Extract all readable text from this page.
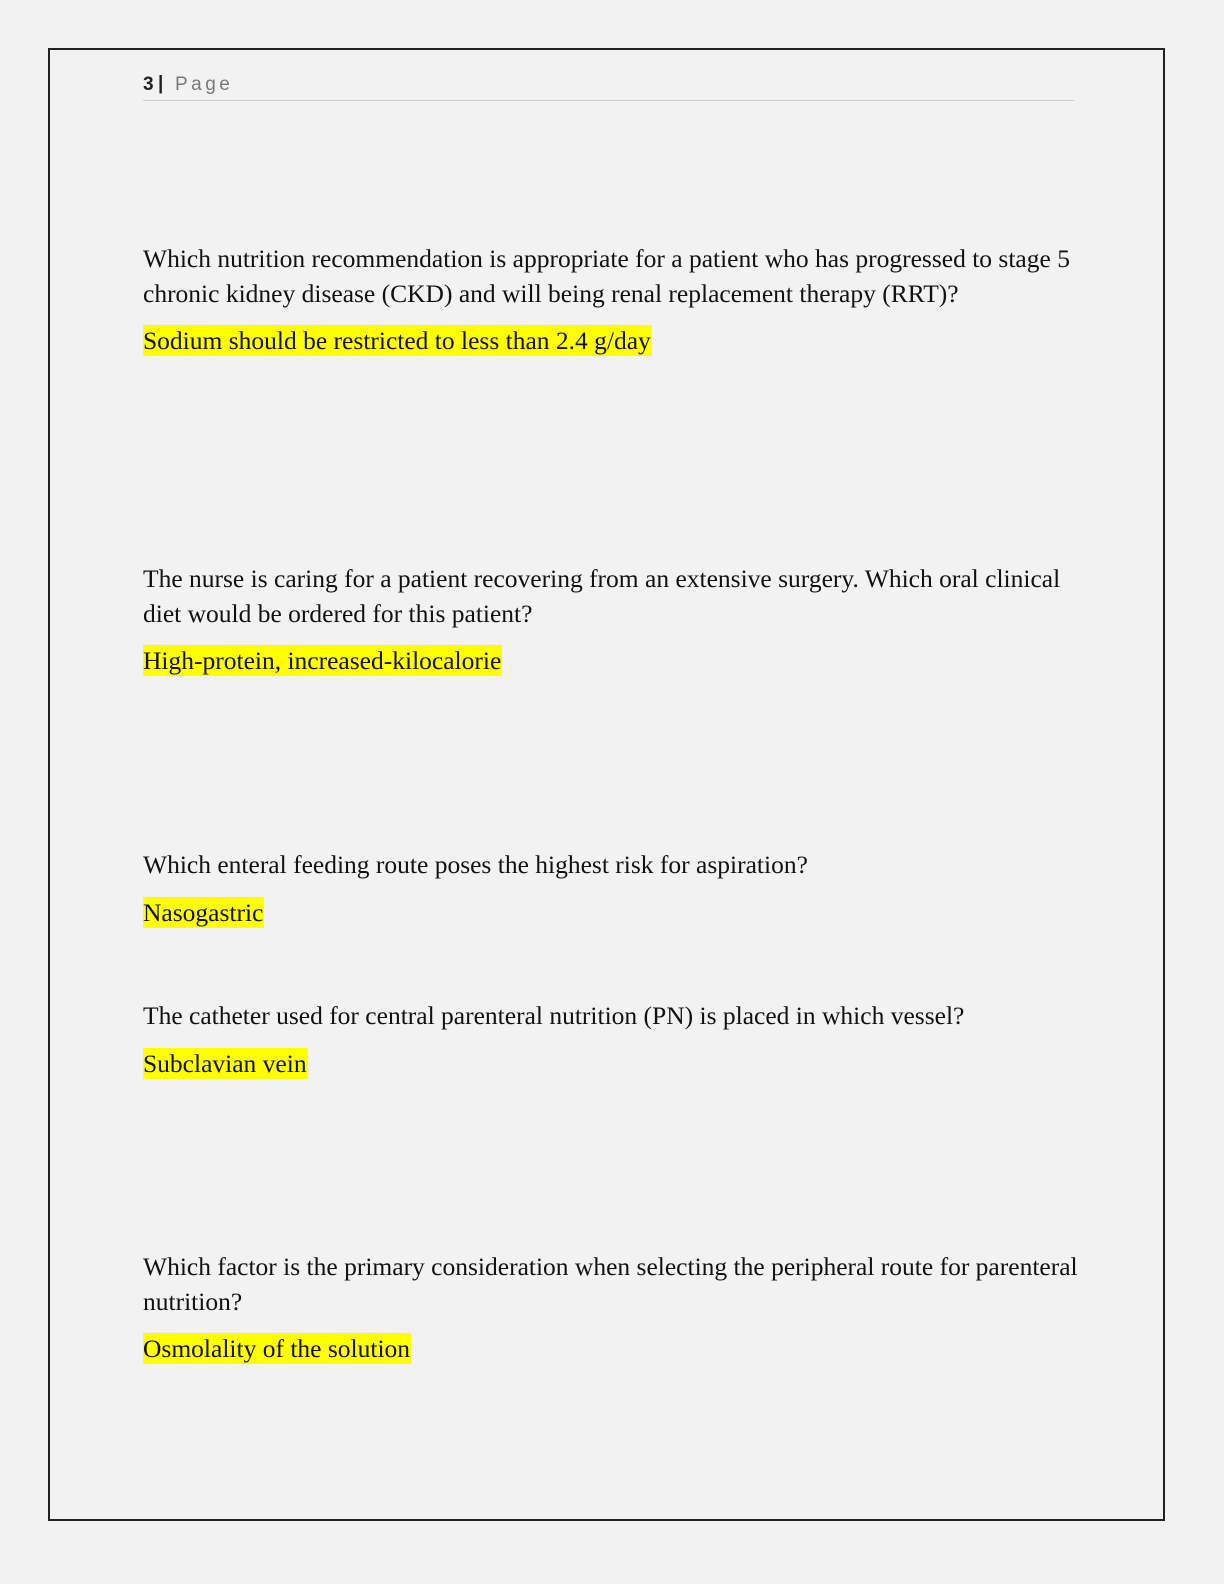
3 | Page

Which nutrition recommendation is appropriate for a patient who has progressed to stage 5 chronic kidney disease (CKD) and will being renal replacement therapy (RRT)?

Sodium should be restricted to less than 2.4 g/day

The nurse is caring for a patient recovering from an extensive surgery. Which oral clinical diet would be ordered for this patient?

High-protein, increased-kilocalorie

Which enteral feeding route poses the highest risk for aspiration?

Nasogastric

The catheter used for central parenteral nutrition (PN) is placed in which vessel?

Subclavian vein

Which factor is the primary consideration when selecting the peripheral route for parenteral nutrition?

Osmolality of the solution
